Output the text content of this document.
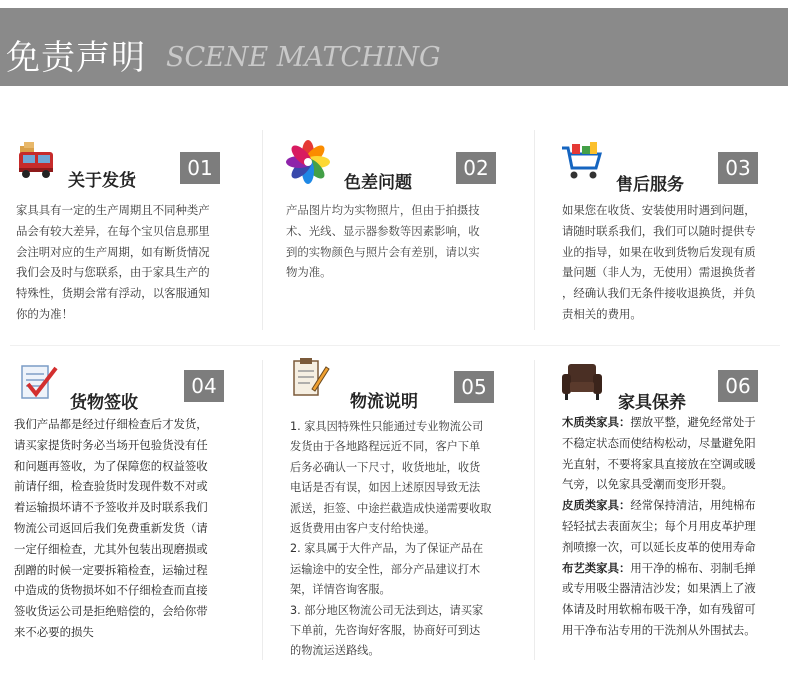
免责声明 SCENE MATCHING
关于发货
01

家具具有一定的生产周期且不同种类产

品会有较大差异，在每个宝贝信息那里

会注明对应的生产周期，如有断货情况

我们会及时与您联系，由于家具生产的

特殊性，货期会常有浮动，以客服通知

你的为准！

色差问题
02

产品图片均为实物照片，但由于拍摄技

术、光线、显示器参数等因素影响，收

到的实物颜色与照片会有差别，请以实

物为准。

售后服务
03

如果您在收货、安装使用时遇到问题，

请随时联系我们，我们可以随时提供专

业的指导，如果在收到货物后发现有质

量问题（非人为，无使用）需退换货者

，经确认我们无条件接收退换货，并负

责相关的费用。

货物签收
04

我们产品都是经过仔细检查后才发货，

请买家提货时务必当场开包验货没有任

和问题再签收，为了保障您的权益签收

前请仔细，检查验货时发现件数不对或

着运输损坏请不予签收并及时联系我们

物流公司返回后我们免费重新发货（请

一定仔细检查，尤其外包装出现磨损或

刮蹭的时候一定要拆箱检查，运输过程

中造成的货物损坏如不仔细检查而直接

签收货运公司是拒绝赔偿的，会给你带

来不必要的损失

物流说明
05

1. 家具因特殊性只能通过专业物流公司

发货由于各地路程远近不同，客户下单

后务必确认一下尺寸，收货地址，收货

电话是否有误，如因上述原因导致无法

派送，拒签、中途拦截造成快递需要收取

返货费用由客户支付给快递。

2. 家具属于大件产品，为了保证产品在

运输途中的安全性，部分产品建议打木

架，详情咨询客服。

3. 部分地区物流公司无法到达，请买家

下单前，先咨询好客服，协商好可到达

的物流运送路线。

家具保养
06

木质类家具：摆放平整，避免经常处于

不稳定状态而使结构松动，尽量避免阳

光直射，不要将家具直接放在空调或暖

气旁，以免家具受潮而变形开裂。

皮质类家具：经常保持清洁，用纯棉布

轻轻拭去表面灰尘；每个月用皮革护理

剂喷擦一次，可以延长皮革的使用寿命

布艺类家具：用干净的棉布、羽制毛掸

或专用吸尘器清洁沙发；如果洒上了液

体请及时用软棉布吸干净，如有残留可

用干净布沾专用的干洗剂从外围拭去。
